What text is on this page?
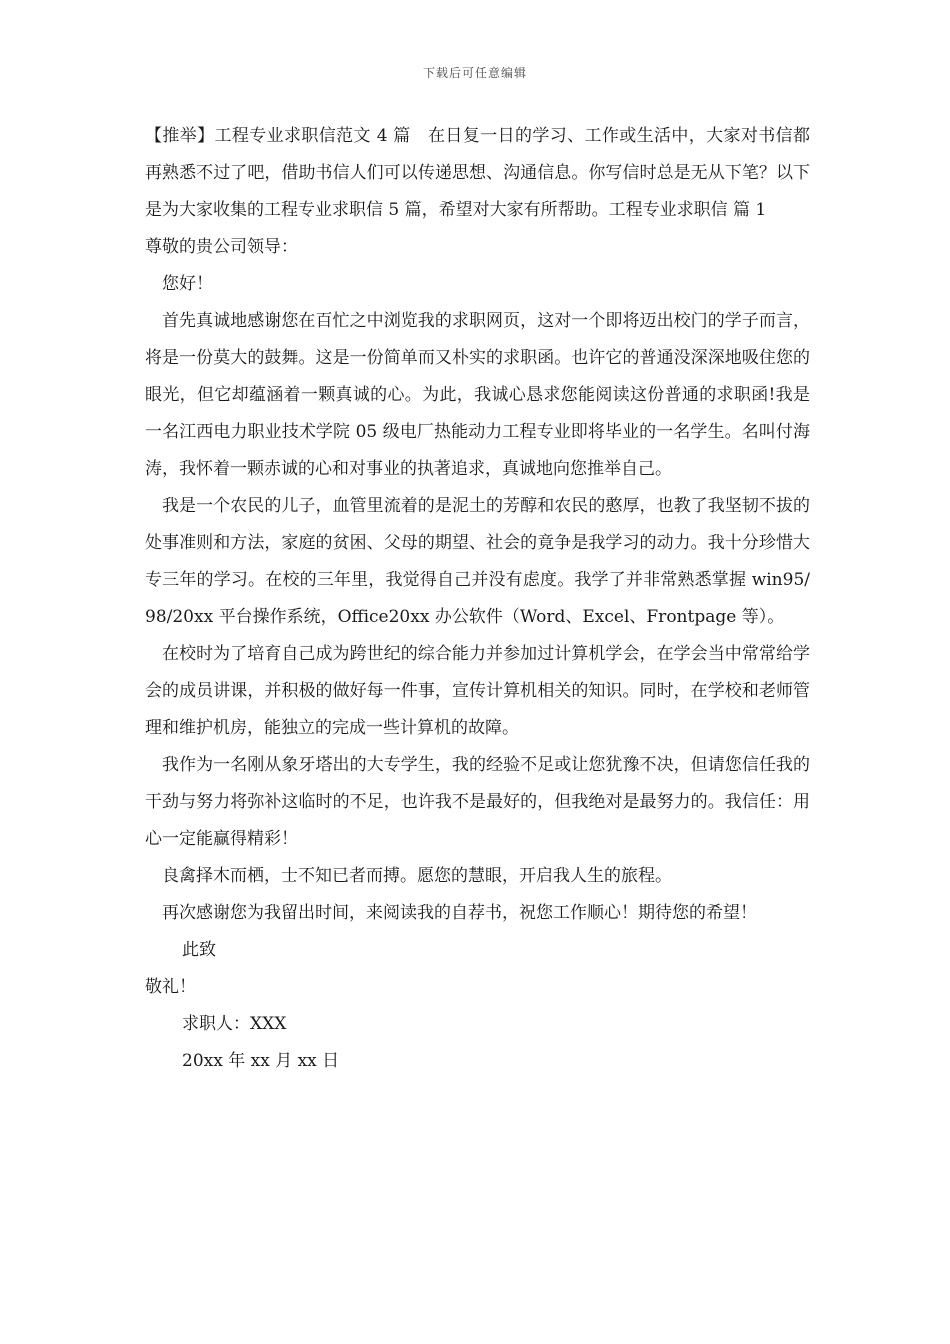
下载后可任意编辑

【推举】工程专业求职信范文 4 篇　在日复一日的学习、工作或生活中，大家对书信都再熟悉不过了吧，借助书信人们可以传递思想、沟通信息。你写信时总是无从下笔？以下是为大家收集的工程专业求职信 5 篇，希望对大家有所帮助。工程专业求职信 篇 1

尊敬的贵公司领导：

您好！

首先真诚地感谢您在百忙之中浏览我的求职网页，这对一个即将迈出校门的学子而言，将是一份莫大的鼓舞。这是一份简单而又朴实的求职函。也许它的普通没深深地吸住您的眼光，但它却蕴涵着一颗真诚的心。为此，我诚心恳求您能阅读这份普通的求职函!我是一名江西电力职业技术学院 05 级电厂热能动力工程专业即将毕业的一名学生。名叫付海涛，我怀着一颗赤诚的心和对事业的执著追求，真诚地向您推举自己。

我是一个农民的儿子，血管里流着的是泥土的芳醇和农民的憨厚，也教了我坚韧不拔的处事准则和方法，家庭的贫困、父母的期望、社会的竟争是我学习的动力。我十分珍惜大专三年的学习。在校的三年里，我觉得自己并没有虑度。我学了并非常熟悉掌握 win95/98/20xx 平台操作系统，Office20xx 办公软件（Word、Excel、Frontpage 等）。

在校时为了培育自己成为跨世纪的综合能力并参加过计算机学会，在学会当中常常给学会的成员讲课，并积极的做好每一件事，宣传计算机相关的知识。同时，在学校和老师管理和维护机房，能独立的完成一些计算机的故障。

我作为一名刚从象牙塔出的大专学生，我的经验不足或让您犹豫不决，但请您信任我的干劲与努力将弥补这临时的不足，也许我不是最好的，但我绝对是最努力的。我信任：用心一定能赢得精彩！

良禽择木而栖，士不知已者而搏。愿您的慧眼，开启我人生的旅程。

再次感谢您为我留出时间，来阅读我的自荐书，祝您工作顺心！期待您的希望！

此致

敬礼！

求职人：XXX

20xx 年 xx 月 xx 日
